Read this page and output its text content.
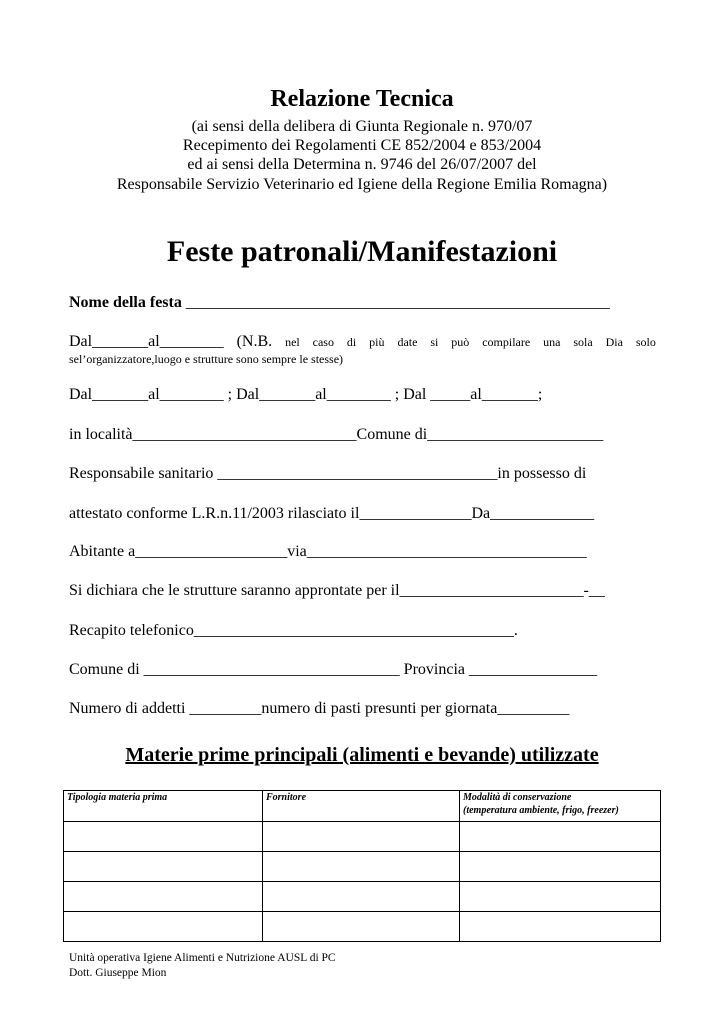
Relazione Tecnica
(ai sensi della delibera di Giunta Regionale n. 970/07
Recepimento dei Regolamenti CE 852/2004 e 853/2004
ed ai sensi della Determina n. 9746 del 26/07/2007 del
Responsabile Servizio Veterinario ed Igiene della Regione Emilia Romagna)
Feste patronali/Manifestazioni
Nome della festa _____________________________________________________
Dal_______al________ (N.B. nel caso di più date si può compilare una sola Dia solo
sel’organizzatore,luogo e strutture sono sempre le stesse)
Dal_______al________ ; Dal_______al________ ; Dal _____al_______;
in località____________________________Comune di______________________
Responsabile sanitario ___________________________________in possesso di
attestato conforme L.R.n.11/2003 rilasciato il______________Da_____________
Abitante a___________________via___________________________________
Si dichiara che le strutture saranno approntate per il_______________________-__
Recapito telefonico________________________________________.
Comune di ________________________________ Provincia ________________
Numero di addetti _________numero di pasti presunti per giornata_________
Materie prime principali (alimenti e bevande) utilizzate
Tipologia materia prima	Fornitore	Modalità di conservazione
(temperatura ambiente, frigo, freezer)

Unità operativa Igiene Alimenti e Nutrizione AUSL di PC
Dott. Giuseppe Mion
